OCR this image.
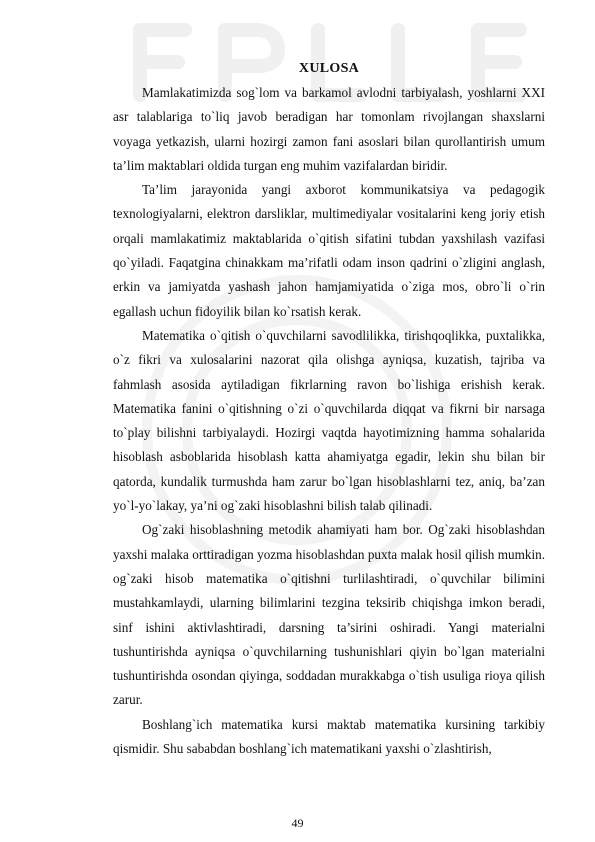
XULOSA

Mamlakatimizda sog`lom va barkamol avlodni tarbiyalash, yoshlarni XXI asr talablariga to`liq javob beradigan har tomonlam rivojlangan shaxslarni voyaga yetkazish, ularni hozirgi zamon fani asoslari bilan qurollantirish umum ta’lim maktablari oldida turgan eng muhim vazifalardan biridir.

Ta’lim jarayonida yangi axborot kommunikatsiya va pedagogik texnologiyalarni, elektron darsliklar, multimediyalar vositalarini keng joriy etish orqali mamlakatimiz maktablarida o`qitish sifatini tubdan yaxshilash vazifasi qo`yiladi. Faqatgina chinakkam ma’rifatli odam inson qadrini o`zligini anglash, erkin va jamiyatda yashash jahon hamjamiyatida o`ziga mos, obro`li o`rin egallash uchun fidoyilik bilan ko`rsatish kerak.

Matematika o`qitish o`quvchilarni savodlilikka, tirishqoqlikka, puxtalikka, o`z fikri va xulosalarini nazorat qila olishga ayniqsa, kuzatish, tajriba va fahmlash asosida aytiladigan fikrlarning ravon bo`lishiga erishish kerak. Matematika fanini o`qitishning o`zi o`quvchilarda diqqat va fikrni bir narsaga to`play bilishni tarbiyalaydi. Hozirgi vaqtda hayotimizning hamma sohalarida hisoblash asboblarida hisoblash katta ahamiyatga egadir, lekin shu bilan bir qatorda, kundalik turmushda ham zarur bo`lgan hisoblashlarni tez, aniq, ba’zan yo`l-yo`lakay, ya’ni og`zaki hisoblashni bilish talab qilinadi.

Og`zaki hisoblashning metodik ahamiyati ham bor. Og`zaki hisoblashdan yaxshi malaka orttiradigan yozma hisoblashdan puxta malak hosil qilish mumkin. og`zaki hisob matematika o`qitishni turlilashtiradi, o`quvchilar bilimini mustahkamlaydi, ularning bilimlarini tezgina teksirib chiqishga imkon beradi, sinf ishini aktivlashtiradi, darsning ta’sirini oshiradi. Yangi materialni tushuntirishda ayniqsa o`quvchilarning tushunishlari qiyin bo`lgan materialni tushuntirishda osondan qiyinga, soddadan murakkabga o`tish usuliga rioya qilish zarur.

Boshlang`ich matematika kursi maktab matematika kursining tarkibiy qismidir. Shu sababdan boshlang`ich matematikani yaxshi o`zlashtirish,

49
